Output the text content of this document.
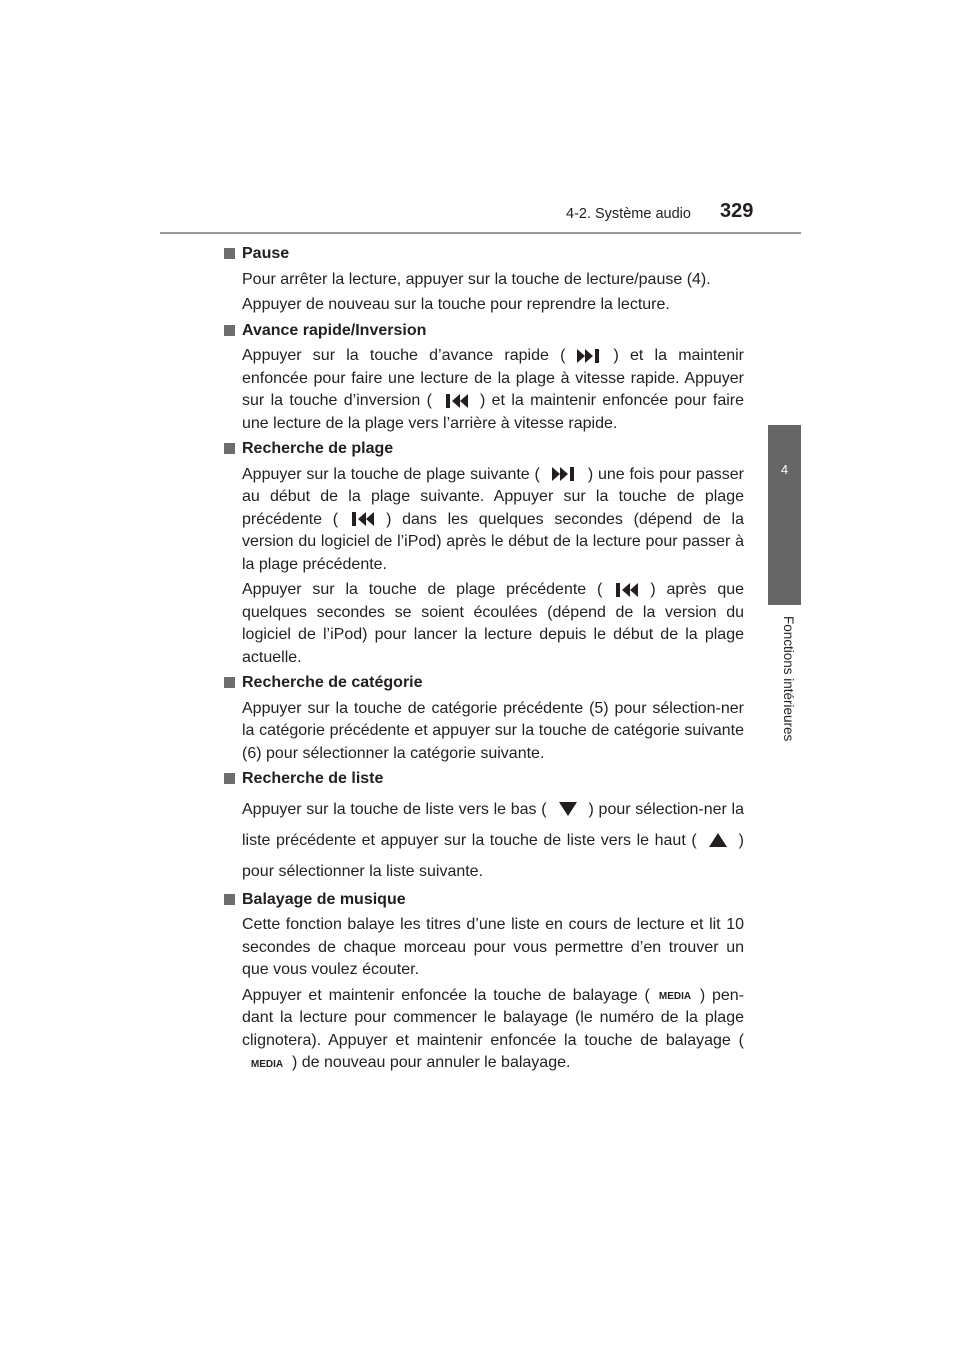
4-2. Système audio 329
4
Fonctions intérieures
Pause

Pour arrêter la lecture, appuyer sur la touche de lecture/pause (4).

Appuyer de nouveau sur la touche pour reprendre la lecture.

Avance rapide/Inversion

Appuyer sur la touche d’avance rapide (	) et la maintenir enfoncée pour faire une lecture de la plage à vitesse rapide. Appuyer sur la touche d’inversion (	) et la maintenir enfoncée pour faire une lecture de la plage vers l’arrière à vitesse rapide.

Recherche de plage

Appuyer sur la touche de plage suivante (	) une fois pour passer au début de la plage suivante. Appuyer sur la touche de plage précédente (	) dans les quelques secondes (dépend de la version du logiciel de l’iPod) après le début de la lecture pour passer à la plage précédente.

Appuyer sur la touche de plage précédente (	) après que quelques secondes se soient écoulées (dépend de la version du logiciel de l’iPod) pour lancer la lecture depuis le début de la plage actuelle.

Recherche de catégorie

Appuyer sur la touche de catégorie précédente (5) pour sélection-ner la catégorie précédente et appuyer sur la touche de catégorie suivante (6) pour sélectionner la catégorie suivante.

Recherche de liste

Appuyer sur la touche de liste vers le bas (	) pour sélection-ner la liste précédente et appuyer sur la touche de liste vers le haut (	) pour sélectionner la liste suivante.

Balayage de musique

Cette fonction balaye les titres d’une liste en cours de lecture et lit 10 secondes de chaque morceau pour vous permettre d’en trouver un que vous voulez écouter.

Appuyer et maintenir enfoncée la touche de balayage ( MEDIA ) pen-dant la lecture pour commencer le balayage (le numéro de la plage clignotera). Appuyer et maintenir enfoncée la touche de balayage (
MEDIA ) de nouveau pour annuler le balayage.
